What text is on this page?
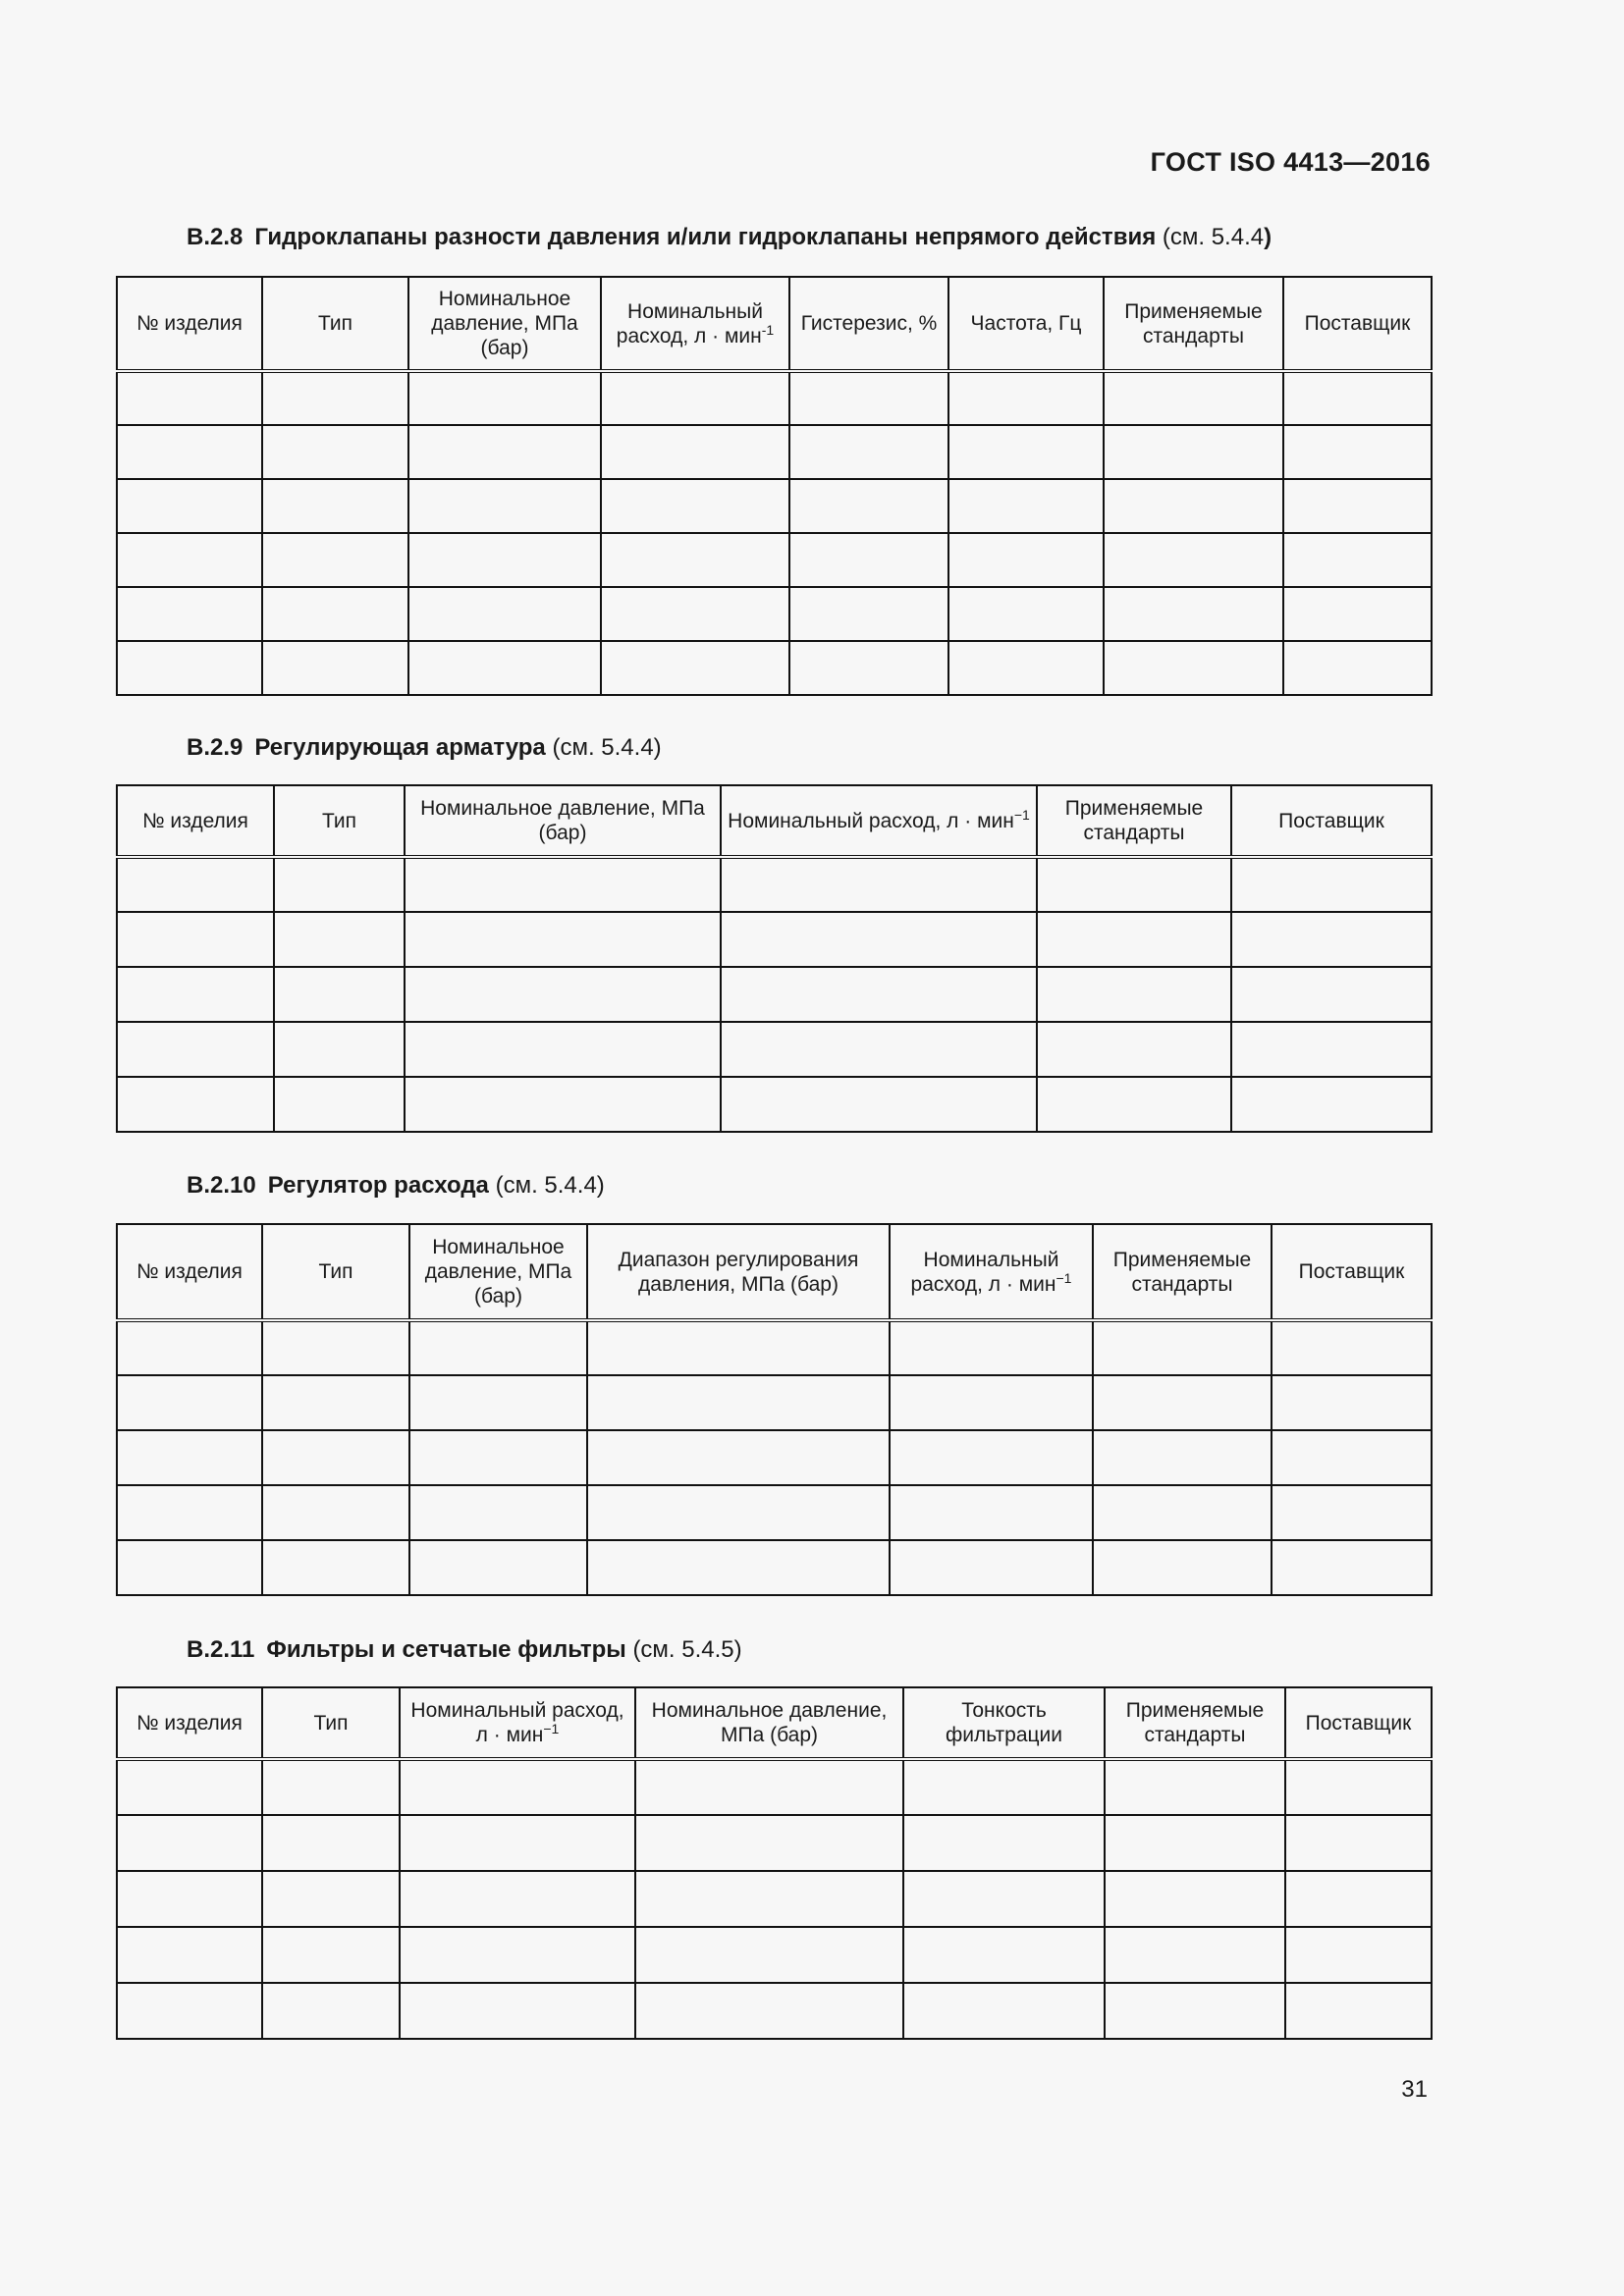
ГОСТ ISO 4413—2016
B.2.8 Гидроклапаны разности давления и/или гидроклапаны непрямого действия (см. 5.4.4)
№ изделия	Тип	Номинальное давление, МПа (бар)	Номинальный расход, л · мин$^{-1}$	Гистерезис, %	Частота, Гц	Применяемые стандарты	Поставщик

B.2.9 Регулирующая арматура (см. 5.4.4)
№ изделия	Тип	Номинальное давление, МПа (бар)	Номинальный расход, л · мин$^{-1}$	Применяемые стандарты	Поставщик

B.2.10 Регулятор расхода (см. 5.4.4)
№ изделия	Тип	Номинальное давление, МПа (бар)	Диапазон регулирования давления, МПа (бар)	Номинальный расход, л · мин$^{-1}$	Применяемые стандарты	Поставщик

B.2.11 Фильтры и сетчатые фильтры (см. 5.4.5)
№ изделия	Тип	Номинальный расход, л · мин$^{-1}$	Номинальное давление, МПа (бар)	Тонкость фильтрации	Применяемые стандарты	Поставщик

31
